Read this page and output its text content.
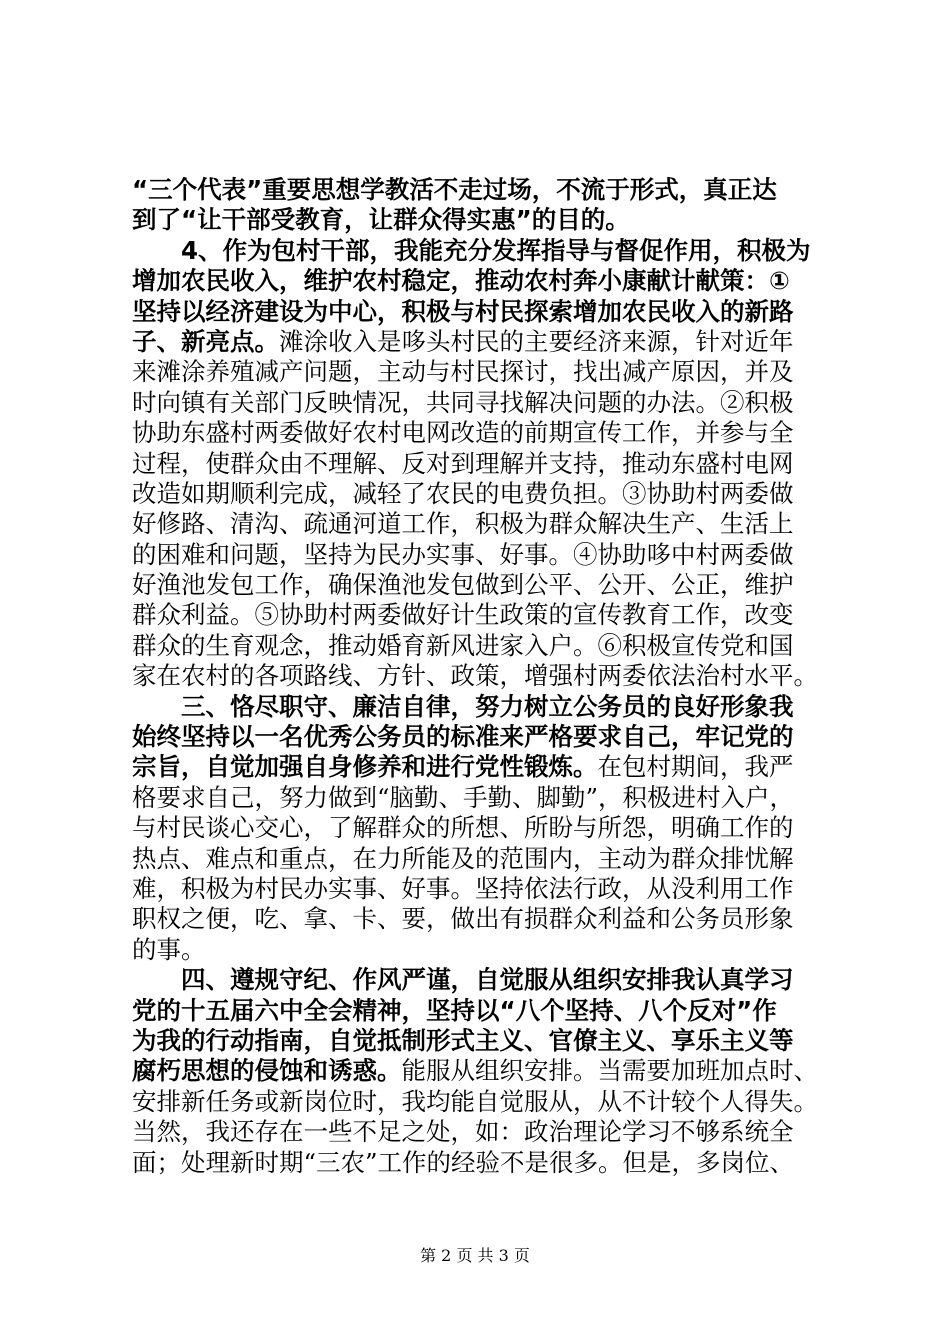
“三个代表”重要思想学教活不走过场，不流于形式，真正达
到了“让干部受教育，让群众得实惠”的目的。
　　4、作为包村干部，我能充分发挥指导与督促作用，积极为
增加农民收入，维护农村稳定，推动农村奔小康献计献策：①
坚持以经济建设为中心，积极与村民探索增加农民收入的新路
子、新亮点。滩涂收入是哆头村民的主要经济来源，针对近年
来滩涂养殖减产问题，主动与村民探讨，找出减产原因，并及
时向镇有关部门反映情况，共同寻找解决问题的办法。②积极
协助东盛村两委做好农村电网改造的前期宣传工作，并参与全
过程，使群众由不理解、反对到理解并支持，推动东盛村电网
改造如期顺利完成，减轻了农民的电费负担。③协助村两委做
好修路、清沟、疏通河道工作，积极为群众解决生产、生活上
的困难和问题，坚持为民办实事、好事。④协助哆中村两委做
好渔池发包工作，确保渔池发包做到公平、公开、公正，维护
群众利益。⑤协助村两委做好计生政策的宣传教育工作，改变
群众的生育观念，推动婚育新风进家入户。⑥积极宣传党和国
家在农村的各项路线、方针、政策，增强村两委依法治村水平。
　　三、恪尽职守、廉洁自律，努力树立公务员的良好形象我
始终坚持以一名优秀公务员的标准来严格要求自己，牢记党的
宗旨，自觉加强自身修养和进行党性锻炼。在包村期间，我严
格要求自己，努力做到“脑勤、手勤、脚勤”，积极进村入户，
与村民谈心交心，了解群众的所想、所盼与所怨，明确工作的
热点、难点和重点，在力所能及的范围内，主动为群众排忧解
难，积极为村民办实事、好事。坚持依法行政，从没利用工作
职权之便，吃、拿、卡、要，做出有损群众利益和公务员形象
的事。
　　四、遵规守纪、作风严谨，自觉服从组织安排我认真学习
党的十五届六中全会精神，坚持以“八个坚持、八个反对”作
为我的行动指南，自觉抵制形式主义、官僚主义、享乐主义等
腐朽思想的侵蚀和诱惑。能服从组织安排。当需要加班加点时、
安排新任务或新岗位时，我均能自觉服从，从不计较个人得失。
当然，我还存在一些不足之处，如：政治理论学习不够系统全
面；处理新时期“三农”工作的经验不是很多。但是，多岗位、
第 2 页 共 3 页
